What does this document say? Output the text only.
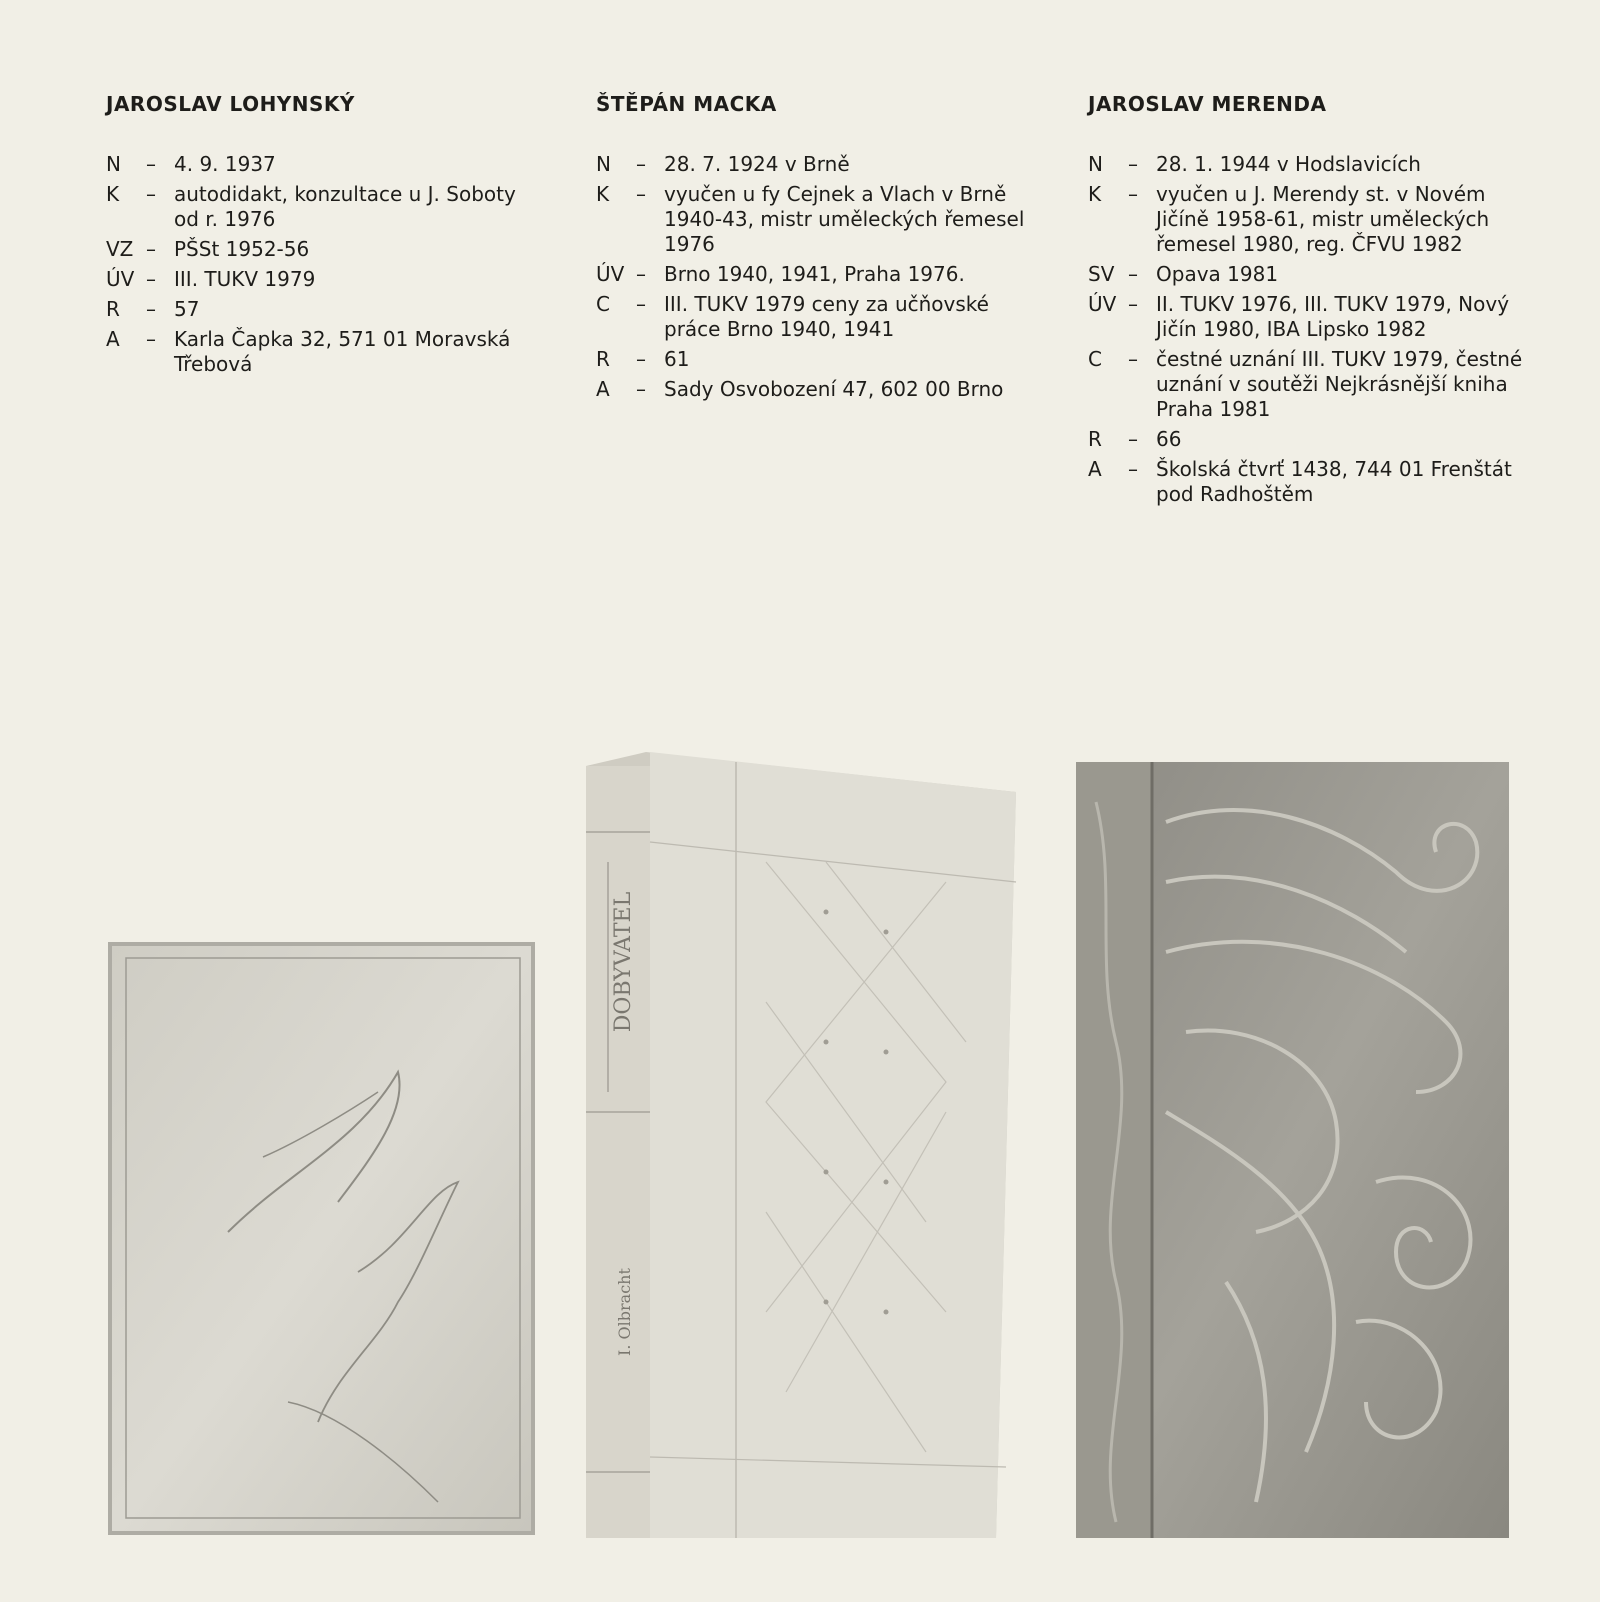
JAROSLAV LOHYNSKÝ
N	– 4. 9. 1937
K	– autodidakt, konzultace u J. Soboty od r. 1976
VZ – PŠSt 1952-56
ÚV – III. TUKV 1979
R	– 57
A	– Karla Čapka 32, 571 01 Moravská Třebová
ŠTĚPÁN MACKA
N	– 28. 7. 1924 v Brně
K	– vyučen u fy Cejnek a Vlach v Brně 1940-43, mistr uměleckých řemesel 1976
ÚV – Brno 1940, 1941, Praha 1976.
C	– III. TUKV 1979 ceny za učňovské práce Brno 1940, 1941
R	– 61
A	– Sady Osvobození 47, 602 00 Brno
JAROSLAV MERENDA
N	– 28. 1. 1944 v Hodslavicích
K	– vyučen u J. Merendy st. v Novém Jičíně 1958-61, mistr uměleckých řemesel 1980, reg. ČFVU 1982
SV – Opava 1981
ÚV – II. TUKV 1976, III. TUKV 1979, Nový Jičín 1980, IBA Lipsko 1982
C	– čestné uznání III. TUKV 1979, čestné uznání v soutěži Nejkrásnější kniha Praha 1981
R	– 66
A	– Školská čtvrť 1438, 744 01 Frenštát pod Radhoštěm
DOBYVATEL
I. Olbracht
